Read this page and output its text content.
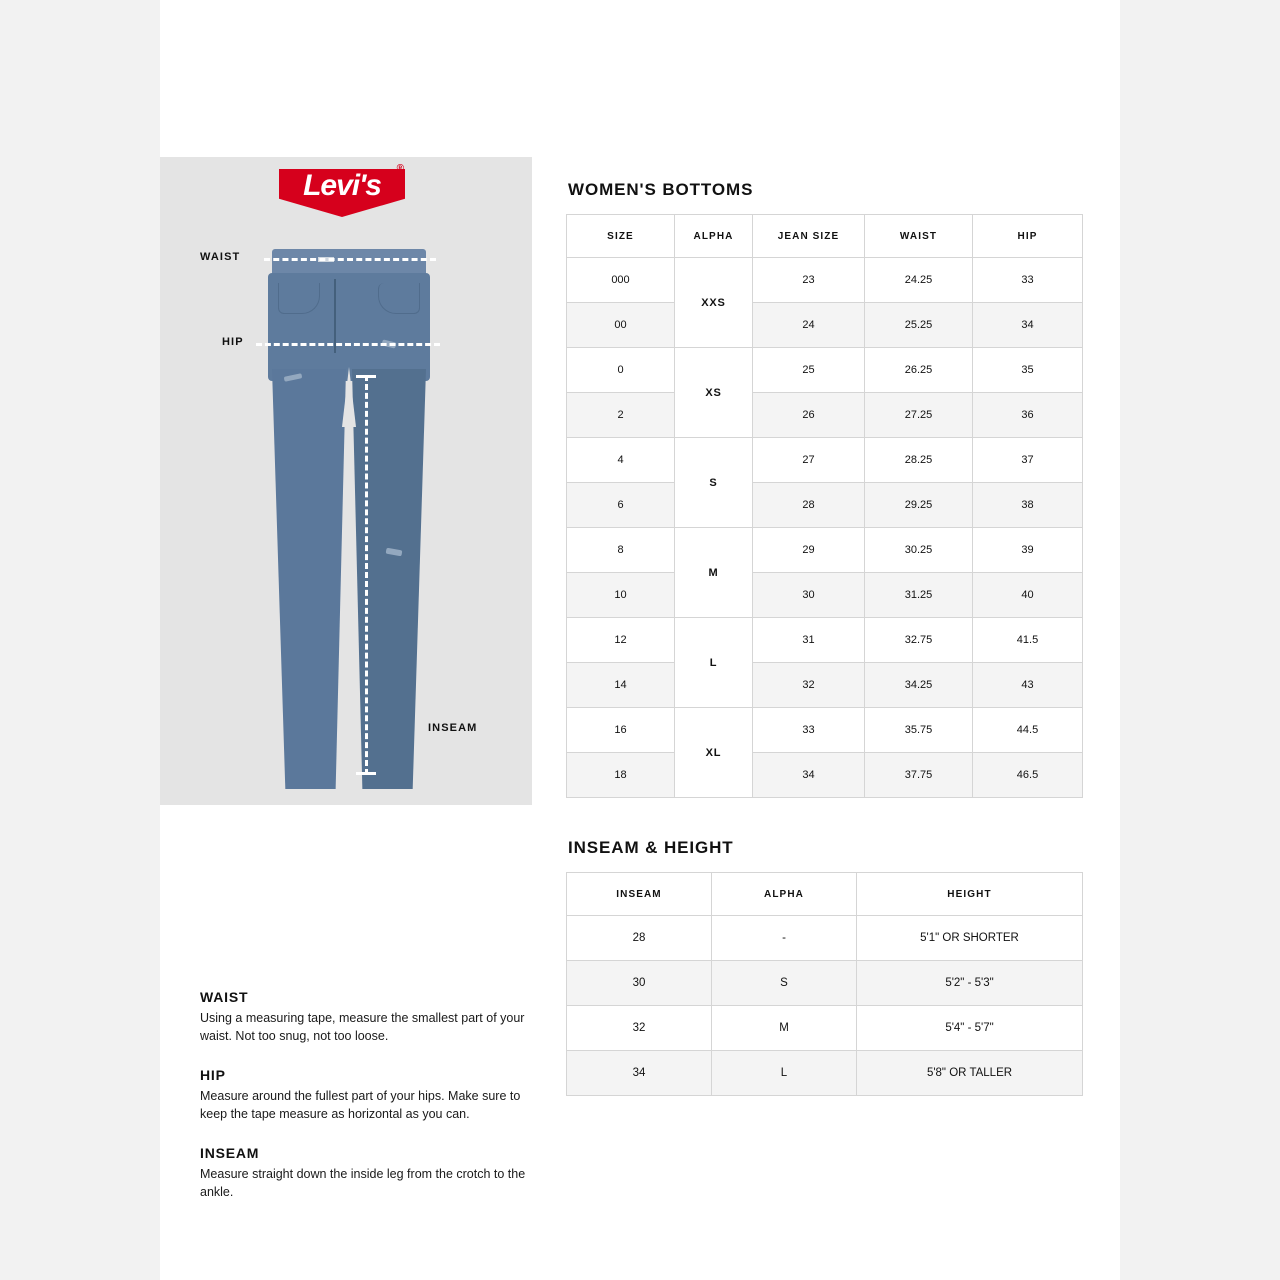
Levi's
®
WAIST
HIP
INSEAM
WAIST

Using a measuring tape, measure the smallest part of your waist. Not too snug, not too loose.

HIP

Measure around the fullest part of your hips. Make sure to keep the tape measure as horizontal as you can.

INSEAM

Measure straight down the inside leg from the crotch to the ankle.

WOMEN'S BOTTOMS
SIZE	ALPHA	JEAN SIZE	WAIST	HIP
000	XXS	23	24.25	33
00		24	25.25	34
0	XS	25	26.25	35
2		26	27.25	36
4	S	27	28.25	37
6		28	29.25	38
8	M	29	30.25	39
10		30	31.25	40
12	L	31	32.75	41.5
14		32	34.25	43
16	XL	33	35.75	44.5
18		34	37.75	46.5
INSEAM & HEIGHT
INSEAM	ALPHA	HEIGHT
28	-	5'1" OR SHORTER
30	S	5'2" - 5'3"
32	M	5'4" - 5'7"
34	L	5'8" OR TALLER
